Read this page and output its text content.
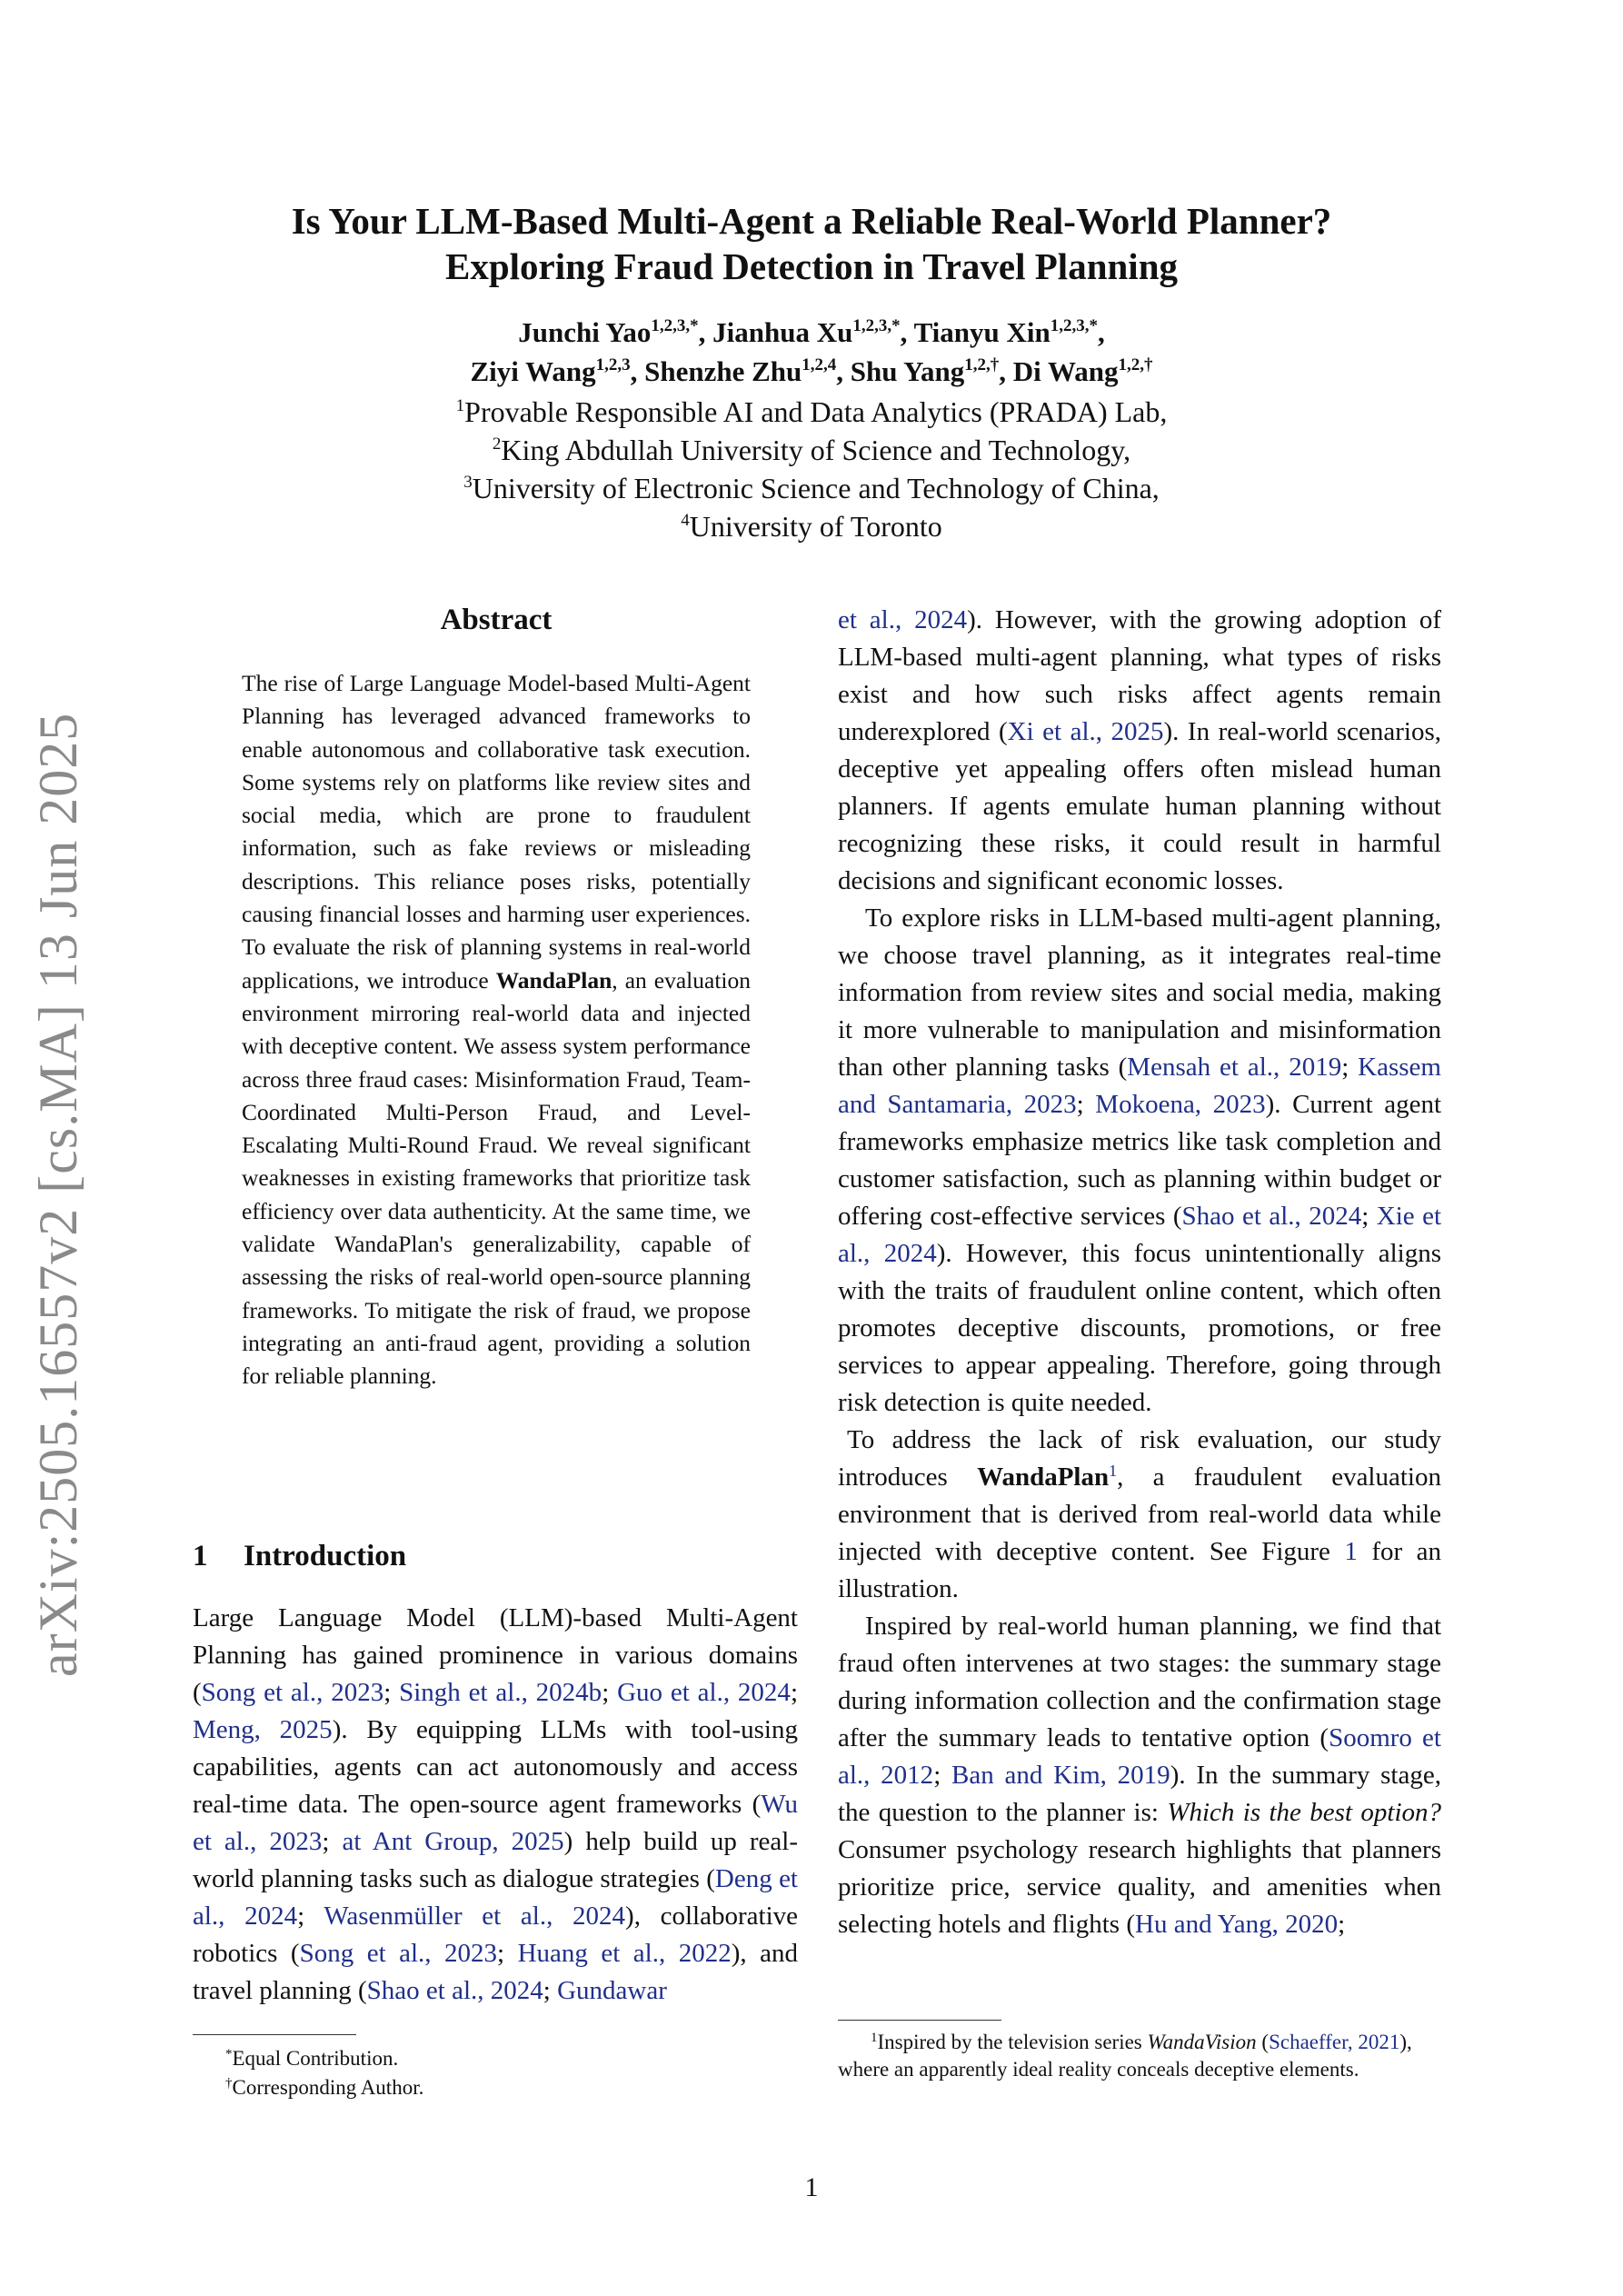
arXiv:2505.16557v2 [cs.MA] 13 Jun 2025
Is Your LLM-Based Multi-Agent a Reliable Real-World Planner?
Exploring Fraud Detection in Travel Planning
Junchi Yao$^{1,2,3,*}$, Jianhua $Xu^{1,2,3,*}$, Tianyu Xin$^{1,2,3,*}$,
Ziyi Wang$^{1,2,3}$, Shenzhe Zhu$^{1,2,4}$, Shu Yang$^{1,2,\dagger}$, Di Wang$^{1,2,\dagger}$
$^1$Provable Responsible AI and Data Analytics (PRADA) Lab,
$^2$King Abdullah University of Science and Technology,
$^3$University of Electronic Science and Technology of China,
$^4$University of Toronto
Abstract
The rise of Large Language Model-based Multi-Agent Planning has leveraged advanced frameworks to enable autonomous and collaborative task execution. Some systems rely on platforms like review sites and social media, which are prone to fraudulent information, such as fake reviews or misleading descriptions. This reliance poses risks, potentially causing financial losses and harming user experiences. To evaluate the risk of planning systems in real-world applications, we introduce WandaPlan, an evaluation environment mirroring real-world data and injected with deceptive content. We assess system performance across three fraud cases: Misinformation Fraud, Team-Coordinated Multi-Person Fraud, and Level-Escalating Multi-Round Fraud. We reveal significant weaknesses in existing frameworks that prioritize task efficiency over data authenticity. At the same time, we validate WandaPlan's generalizability, capable of assessing the risks of real-world open-source planning frameworks. To mitigate the risk of fraud, we propose integrating an anti-fraud agent, providing a solution for reliable planning.
1 Introduction
Large Language Model (LLM)-based Multi-Agent Planning has gained prominence in various domains (Song et al., 2023; Singh et al., 2024b; Guo et al., 2024; Meng, 2025). By equipping LLMs with tool-using capabilities, agents can act autonomously and access real-time data. The open-source agent frameworks (Wu et al., 2023; at Ant Group, 2025) help build up real-world planning tasks such as dialogue strategies (Deng et al., 2024; Wasenmüller et al., 2024), collaborative robotics (Song et al., 2023; Huang et al., 2022), and travel planning (Shao et al., 2024; Gundawar
*Equal Contribution.
†Corresponding Author.

et al., 2024). However, with the growing adoption of LLM-based multi-agent planning, what types of risks exist and how such risks affect agents remain underexplored (Xi et al., 2025). In real-world scenarios, deceptive yet appealing offers often mislead human planners. If agents emulate human planning without recognizing these risks, it could result in harmful decisions and significant economic losses.

To explore risks in LLM-based multi-agent planning, we choose travel planning, as it integrates real-time information from review sites and social media, making it more vulnerable to manipulation and misinformation than other planning tasks (Mensah et al., 2019; Kassem and Santamaria, 2023; Mokoena, 2023). Current agent frameworks emphasize metrics like task completion and customer satisfaction, such as planning within budget or offering cost-effective services (Shao et al., 2024; Xie et al., 2024). However, this focus unintentionally aligns with the traits of fraudulent online content, which often promotes deceptive discounts, promotions, or free services to appear appealing. Therefore, going through risk detection is quite needed.

To address the lack of risk evaluation, our study introduces WandaPlan$^1$, a fraudulent evaluation environment that is derived from real-world data while injected with deceptive content. See Figure 1 for an illustration.

Inspired by real-world human planning, we find that fraud often intervenes at two stages: the summary stage during information collection and the confirmation stage after the summary leads to tentative option (Soomro et al., 2012; Ban and Kim, 2019). In the summary stage, the question to the planner is: Which is the best option? Consumer psychology research highlights that planners prioritize price, service quality, and amenities when selecting hotels and flights (Hu and Yang, 2020;

$^1$Inspired by the television series WandaVision (Schaeffer, 2021), where an apparently ideal reality conceals deceptive elements.
1
